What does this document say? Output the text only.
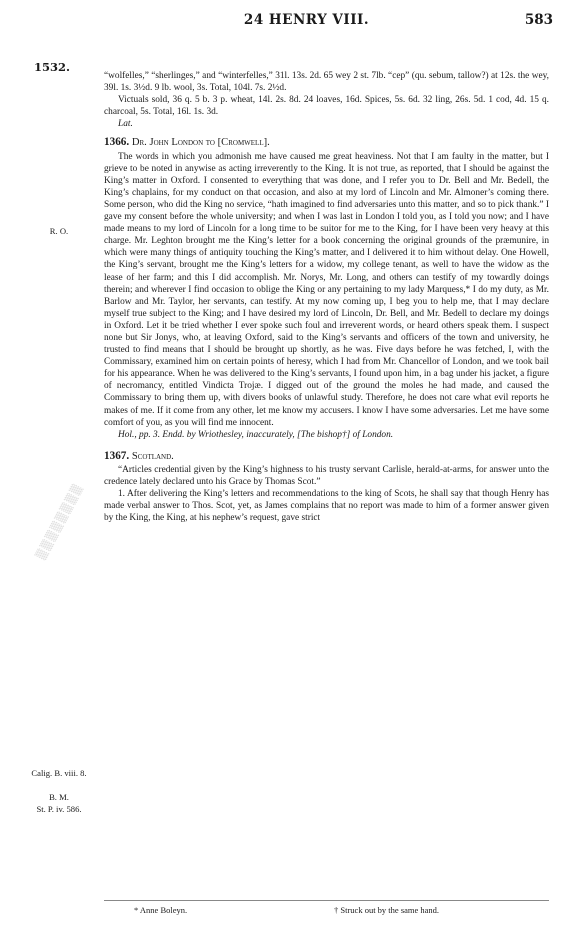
24 HENRY VIII.	583
1532.
▒▒▒▒▒▒▒▒
R. O.
Calig. B. viii. 8.
B. M.
St. P. iv. 586.

“wolfelles,” “sherlinges,” and “winterfelles,” 31l. 13s. 2d. 65 wey 2 st. 7lb. “cep” (qu. sebum, tallow?) at 12s. the wey, 39l. 1s. 3½d. 9 lb. wool, 3s. Total, 104l. 7s. 2½d.

Victuals sold, 36 q. 5 b. 3 p. wheat, 14l. 2s. 8d. 24 loaves, 16d. Spices, 5s. 6d. 32 ling, 26s. 5d. 1 cod, 4d. 15 q. charcoal, 5s. Total, 16l. 1s. 3d.

Lat.
1366. Dr. John London to [Cromwell].

The words in which you admonish me have caused me great heaviness. Not that I am faulty in the matter, but I grieve to be noted in anywise as acting irreverently to the King. It is not true, as reported, that I should be against the King’s matter in Oxford. I consented to everything that was done, and I refer you to Dr. Bell and Mr. Bedell, the King’s chaplains, for my conduct on that occasion, and also at my lord of Lincoln and Mr. Almoner’s coming there. Some person, who did the King no service, “hath imagined to find adversaries unto this matter, and so to pick thank.” I gave my consent before the whole university; and when I was last in London I told you, as I told you now; and I have made means to my lord of Lincoln for a long time to be suitor for me to the King, for I have been very heavy at this charge. Mr. Leghton brought me the King’s letter for a book concerning the original grounds of the præmunire, in which were many things of antiquity touching the King’s matter, and I delivered it to him without delay. One Howell, the King’s servant, brought me the King’s letters for a widow, my college tenant, as well to have the widow as the lease of her farm; and this I did accomplish. Mr. Norys, Mr. Long, and others can testify of my towardly doings therein; and wherever I find occasion to oblige the King or any pertaining to my lady Marquess,* I do my duty, as Mr. Barlow and Mr. Taylor, her servants, can testify. At my now coming up, I beg you to help me, that I may declare myself true subject to the King; and I have desired my lord of Lincoln, Dr. Bell, and Mr. Bedell to declare my doings in Oxford. Let it be tried whether I ever spoke such foul and irreverent words, or heard others speak them. I suspect none but Sir Jonys, who, at leaving Oxford, said to the King’s servants and officers of the town and university, he trusted to find means that I should be brought up shortly, as he was. Five days before he was fetched, I, with the Commissary, examined him on certain points of heresy, which I had from Mr. Chancellor of London, and we took bail for his appearance. When he was delivered to the King’s servants, I found upon him, in a bag under his jacket, a figure of necromancy, entitled Vindicta Trojæ. I digged out of the ground the moles he had made, and caused the Commissary to bring them up, with divers books of unlawful study. Therefore, he does not care what evil reports he makes of me. If it come from any other, let me know my accusers. I know I have some adversaries. Let me have some comfort of you, as you will find me innocent.

Hol., pp. 3. Endd. by Wriothesley, inaccurately, [The bishop†] of London.

1367. Scotland.

“Articles credential given by the King’s highness to his trusty servant Carlisle, herald-at-arms, for answer unto the credence lately declared unto his Grace by Thomas Scot.”

1. After delivering the King’s letters and recommendations to the king of Scots, he shall say that though Henry has made verbal answer to Thos. Scot, yet, as James complains that no report was made to him of a former answer given by the King, the King, at his nephew’s request, gave strict

* Anne Boleyn.	† Struck out by the same hand.
